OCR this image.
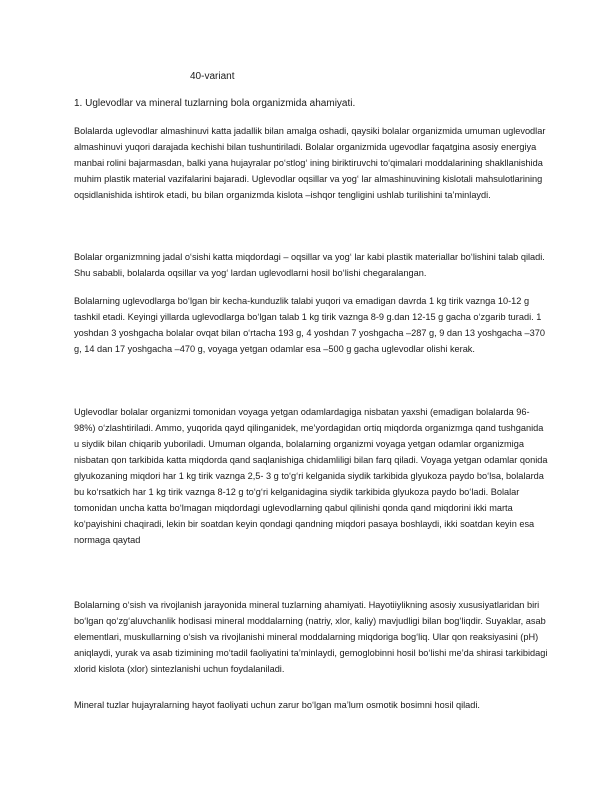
40-variant

1. Uglevodlar va mineral tuzlarning bola organizmida ahamiyati.

Bolalarda uglevodlar almashinuvi katta jadallik bilan amalga oshadi, qaysiki bolalar organizmida umuman uglevodlar almashinuvi yuqori darajada kechishi bilan tushuntiriladi. Bolalar organizmida ugevodlar faqatgina asosiy energiya manbai rolini bajarmasdan, balki yana hujayralar po‘stlog‘ ining biriktiruvchi to‘qimalari moddalarining shakllanishida muhim plastik material vazifalarini bajaradi. Uglevodlar oqsillar va yog‘ lar almashinuvining kislotali mahsulotlarining oqsidlanishida ishtirok etadi, bu bilan organizmda kislota –ishqor tengligini ushlab turilishini ta’minlaydi.

Bolalar organizmning jadal o‘sishi katta miqdordagi – oqsillar va yog‘ lar kabi plastik materiallar bo‘lishini talab qiladi. Shu sababli, bolalarda oqsillar va yog‘ lardan uglevodlarni hosil bo‘lishi chegaralangan.

Bolalarning uglevodlarga bo‘lgan bir kecha-kunduzlik talabi yuqori va emadigan davrda 1 kg tirik vaznga 10-12 g tashkil etadi. Keyingi yillarda uglevodlarga bo‘lgan talab 1 kg tirik vaznga 8-9 g.dan 12-15 g gacha o‘zgarib turadi. 1 yoshdan 3 yoshgacha bolalar ovqat bilan o‘rtacha 193 g, 4 yoshdan 7 yoshgacha –287 g, 9 dan 13 yoshgacha –370 g, 14 dan 17 yoshgacha –470 g, voyaga yetgan odamlar esa –500 g gacha uglevodlar olishi kerak.

Uglevodlar bolalar organizmi tomonidan voyaga yetgan odamlardagiga nisbatan yaxshi (emadigan bolalarda 96-98%) o‘zlashtiriladi. Ammo, yuqorida qayd qilinganidek, me’yordagidan ortiq miqdorda organizmga qand tushganida u siydik bilan chiqarib yuboriladi. Umuman olganda, bolalarning organizmi voyaga yetgan odamlar organizmiga nisbatan qon tarkibida katta miqdorda qand saqlanishiga chidamliligi bilan farq qiladi. Voyaga yetgan odamlar qonida glyukozaning miqdori har 1 kg tirik vaznga 2,5- 3 g to‘g‘ri kelganida siydik tarkibida glyukoza paydo bo‘lsa, bolalarda bu ko‘rsatkich har 1 kg tirik vaznga 8-12 g to‘g‘ri kelganidagina siydik tarkibida glyukoza paydo bo‘ladi. Bolalar tomonidan uncha katta bo‘lmagan miqdordagi uglevodlarning qabul qilinishi qonda qand miqdorini ikki marta ko‘payishini chaqiradi, lekin bir soatdan keyin qondagi qandning miqdori pasaya boshlaydi, ikki soatdan keyin esa normaga qaytad

Bolalarning o‘sish va rivojlanish jarayonida mineral tuzlarning ahamiyati. Hayotiiylikning asosiy xususiyatlaridan biri bo‘lgan qo‘zg‘aluvchanlik hodisasi mineral moddalarning (natriy, xlor, kaliy) mavjudligi bilan bog‘liqdir. Suyaklar, asab elementlari, muskullarning o‘sish va rivojlanishi mineral moddalarning miqdoriga bog‘liq. Ular qon reaksiyasini (pH) aniqlaydi, yurak va asab tizimining mo‘tadil faoliyatini ta’minlaydi, gemoglobinni hosil bo‘lishi me’da shirasi tarkibidagi xlorid kislota (xlor) sintezlanishi uchun foydalaniladi.

Mineral tuzlar hujayralarning hayot faoliyati uchun zarur bo‘lgan ma’lum osmotik bosimni hosil qiladi.
